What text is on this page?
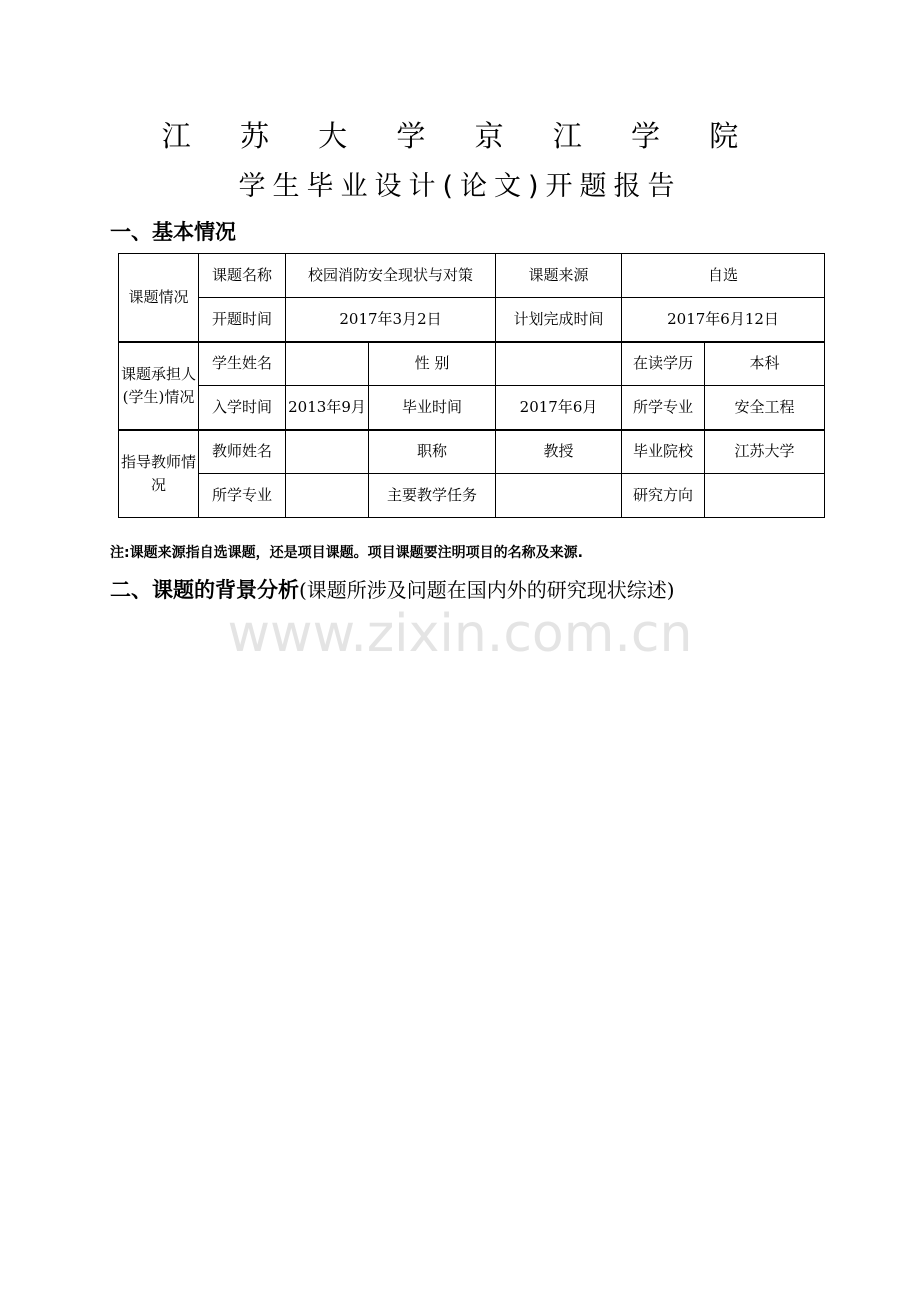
江 苏 大 学 京 江 学 院
学生毕业设计(论文)开题报告
一、基本情况
课题情况	课题名称	校园消防安全现状与对策		课题来源	自选	
	开题时间	2017年3月2日		计划完成时间	2017年6月12日	
课题承担人(学生)情况	学生姓名		性 别		在读学历	本科
	入学时间	2013年9月	毕业时间	2017年6月	所学专业	安全工程
指导教师情况	教师姓名		职称	教授	毕业院校	江苏大学
	所学专业		主要教学任务		研究方向	
注:课题来源指自选课题，还是项目课题。项目课题要注明项目的名称及来源.
二、课题的背景分析(课题所涉及问题在国内外的研究现状综述)
www.zixin.com.cn
